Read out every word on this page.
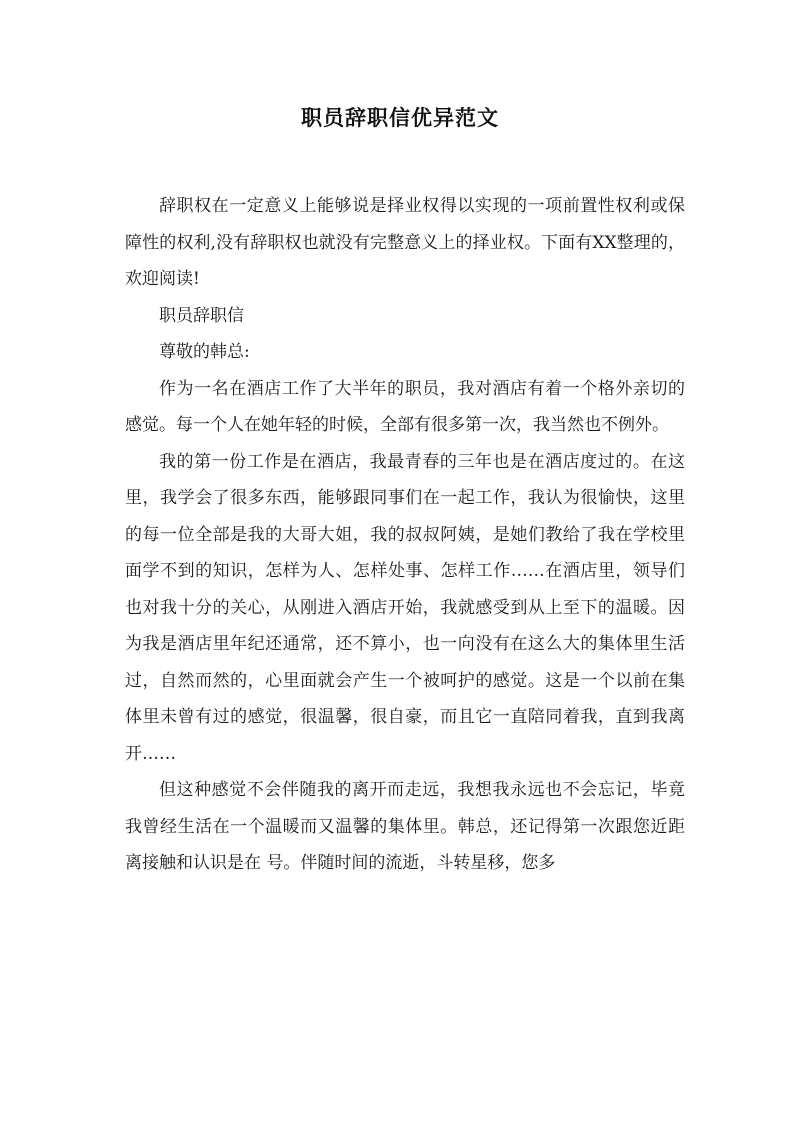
职员辞职信优异范文

辞职权在一定意义上能够说是择业权得以实现的一项前置性权利或保障性的权利,没有辞职权也就没有完整意义上的择业权。下面有XX整理的，欢迎阅读!

职员辞职信

尊敬的韩总:

作为一名在酒店工作了大半年的职员，我对酒店有着一个格外亲切的感觉。每一个人在她年轻的时候，全部有很多第一次，我当然也不例外。

我的第一份工作是在酒店，我最青春的三年也是在酒店度过的。在这里，我学会了很多东西，能够跟同事们在一起工作，我认为很愉快，这里的每一位全部是我的大哥大姐，我的叔叔阿姨，是她们教给了我在学校里面学不到的知识，怎样为人、怎样处事、怎样工作……在酒店里，领导们也对我十分的关心，从刚进入酒店开始，我就感受到从上至下的温暖。因为我是酒店里年纪还通常，还不算小，也一向没有在这么大的集体里生活过，自然而然的，心里面就会产生一个被呵护的感觉。这是一个以前在集体里未曾有过的感觉，很温馨，很自豪，而且它一直陪同着我，直到我离开……

但这种感觉不会伴随我的离开而走远，我想我永远也不会忘记，毕竟我曾经生活在一个温暖而又温馨的集体里。韩总，还记得第一次跟您近距离接触和认识是在 号。伴随时间的流逝，斗转星移，您多
